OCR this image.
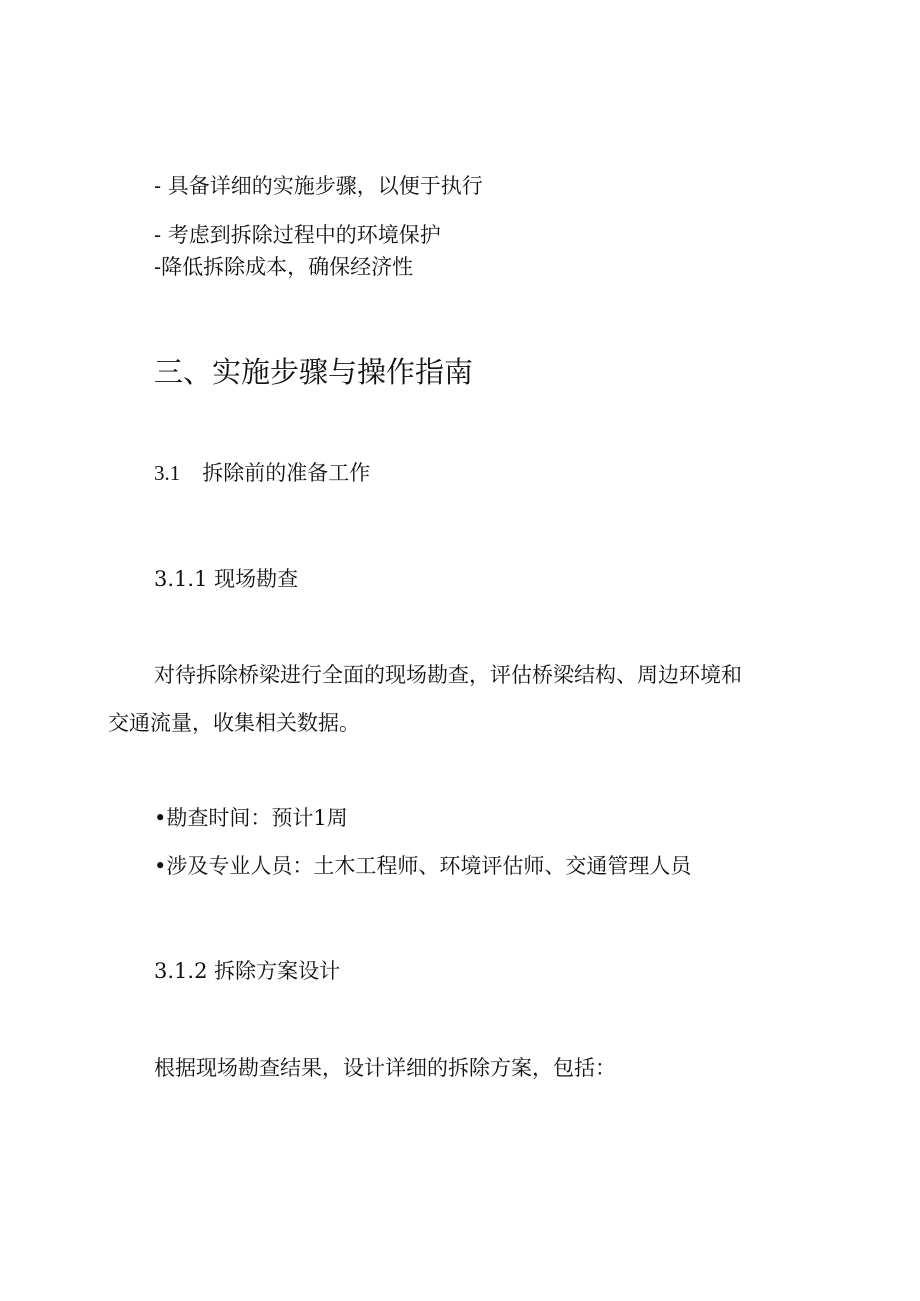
- 具备详细的实施步骤，以便于执行
- 考虑到拆除过程中的环境保护
-降低拆除成本，确保经济性
三、实施步骤与操作指南
3.1 拆除前的准备工作
3.1.1 现场勘查
对待拆除桥梁进行全面的现场勘查，评估桥梁结构、周边环境和
交通流量，收集相关数据。
•勘查时间：预计1周
•涉及专业人员：土木工程师、环境评估师、交通管理人员
3.1.2 拆除方案设计
根据现场勘查结果，设计详细的拆除方案，包括：
